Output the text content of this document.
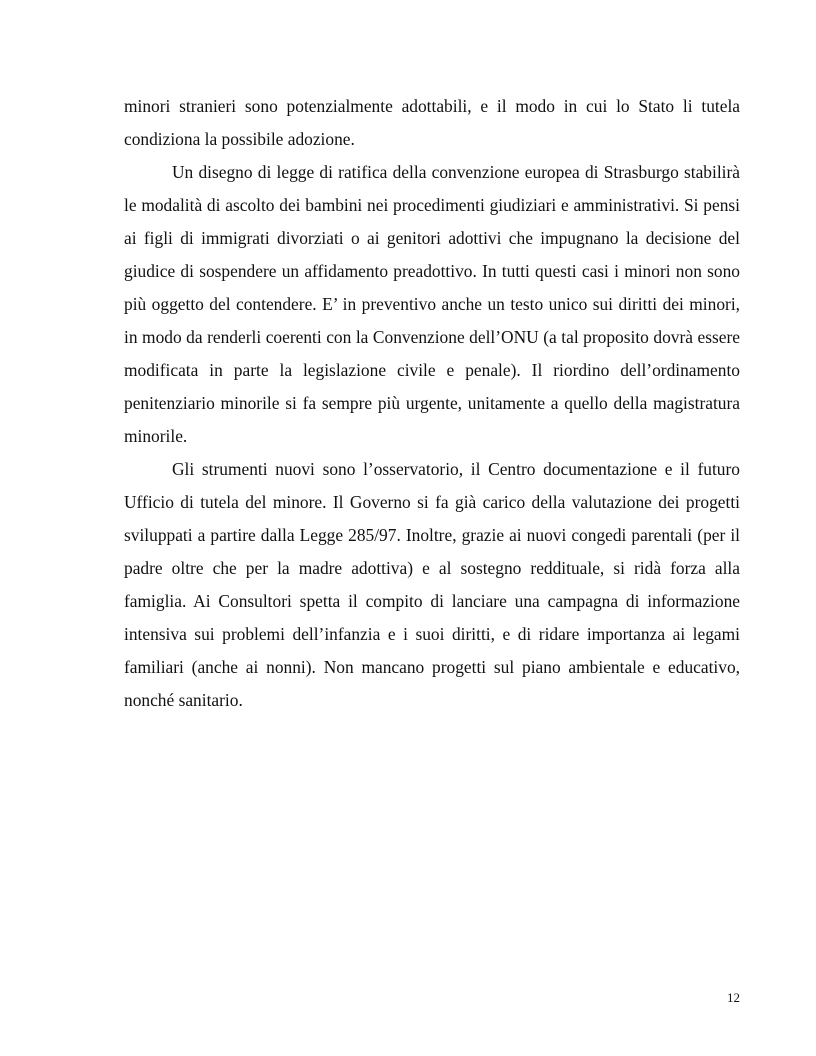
minori stranieri sono potenzialmente adottabili, e il modo in cui lo Stato li tutela condiziona la possibile adozione.

Un disegno di legge di ratifica della convenzione europea di Strasburgo stabilirà le modalità di ascolto dei bambini nei procedimenti giudiziari e amministrativi. Si pensi ai figli di immigrati divorziati o ai genitori adottivi che impugnano la decisione del giudice di sospendere un affidamento preadottivo. In tutti questi casi i minori non sono più oggetto del contendere. E’ in preventivo anche un testo unico sui diritti dei minori, in modo da renderli coerenti con la Convenzione dell’ONU (a tal proposito dovrà essere modificata in parte la legislazione civile e penale). Il riordino dell’ordinamento penitenziario minorile si fa sempre più urgente, unitamente a quello della magistratura minorile.

Gli strumenti nuovi sono l’osservatorio, il Centro documentazione e il futuro Ufficio di tutela del minore. Il Governo si fa già carico della valutazione dei progetti sviluppati a partire dalla Legge 285/97. Inoltre, grazie ai nuovi congedi parentali (per il padre oltre che per la madre adottiva) e al sostegno reddituale, si ridà forza alla famiglia. Ai Consultori spetta il compito di lanciare una campagna di informazione intensiva sui problemi dell’infanzia e i suoi diritti, e di ridare importanza ai legami familiari (anche ai nonni). Non mancano progetti sul piano ambientale e educativo, nonché sanitario.

12
